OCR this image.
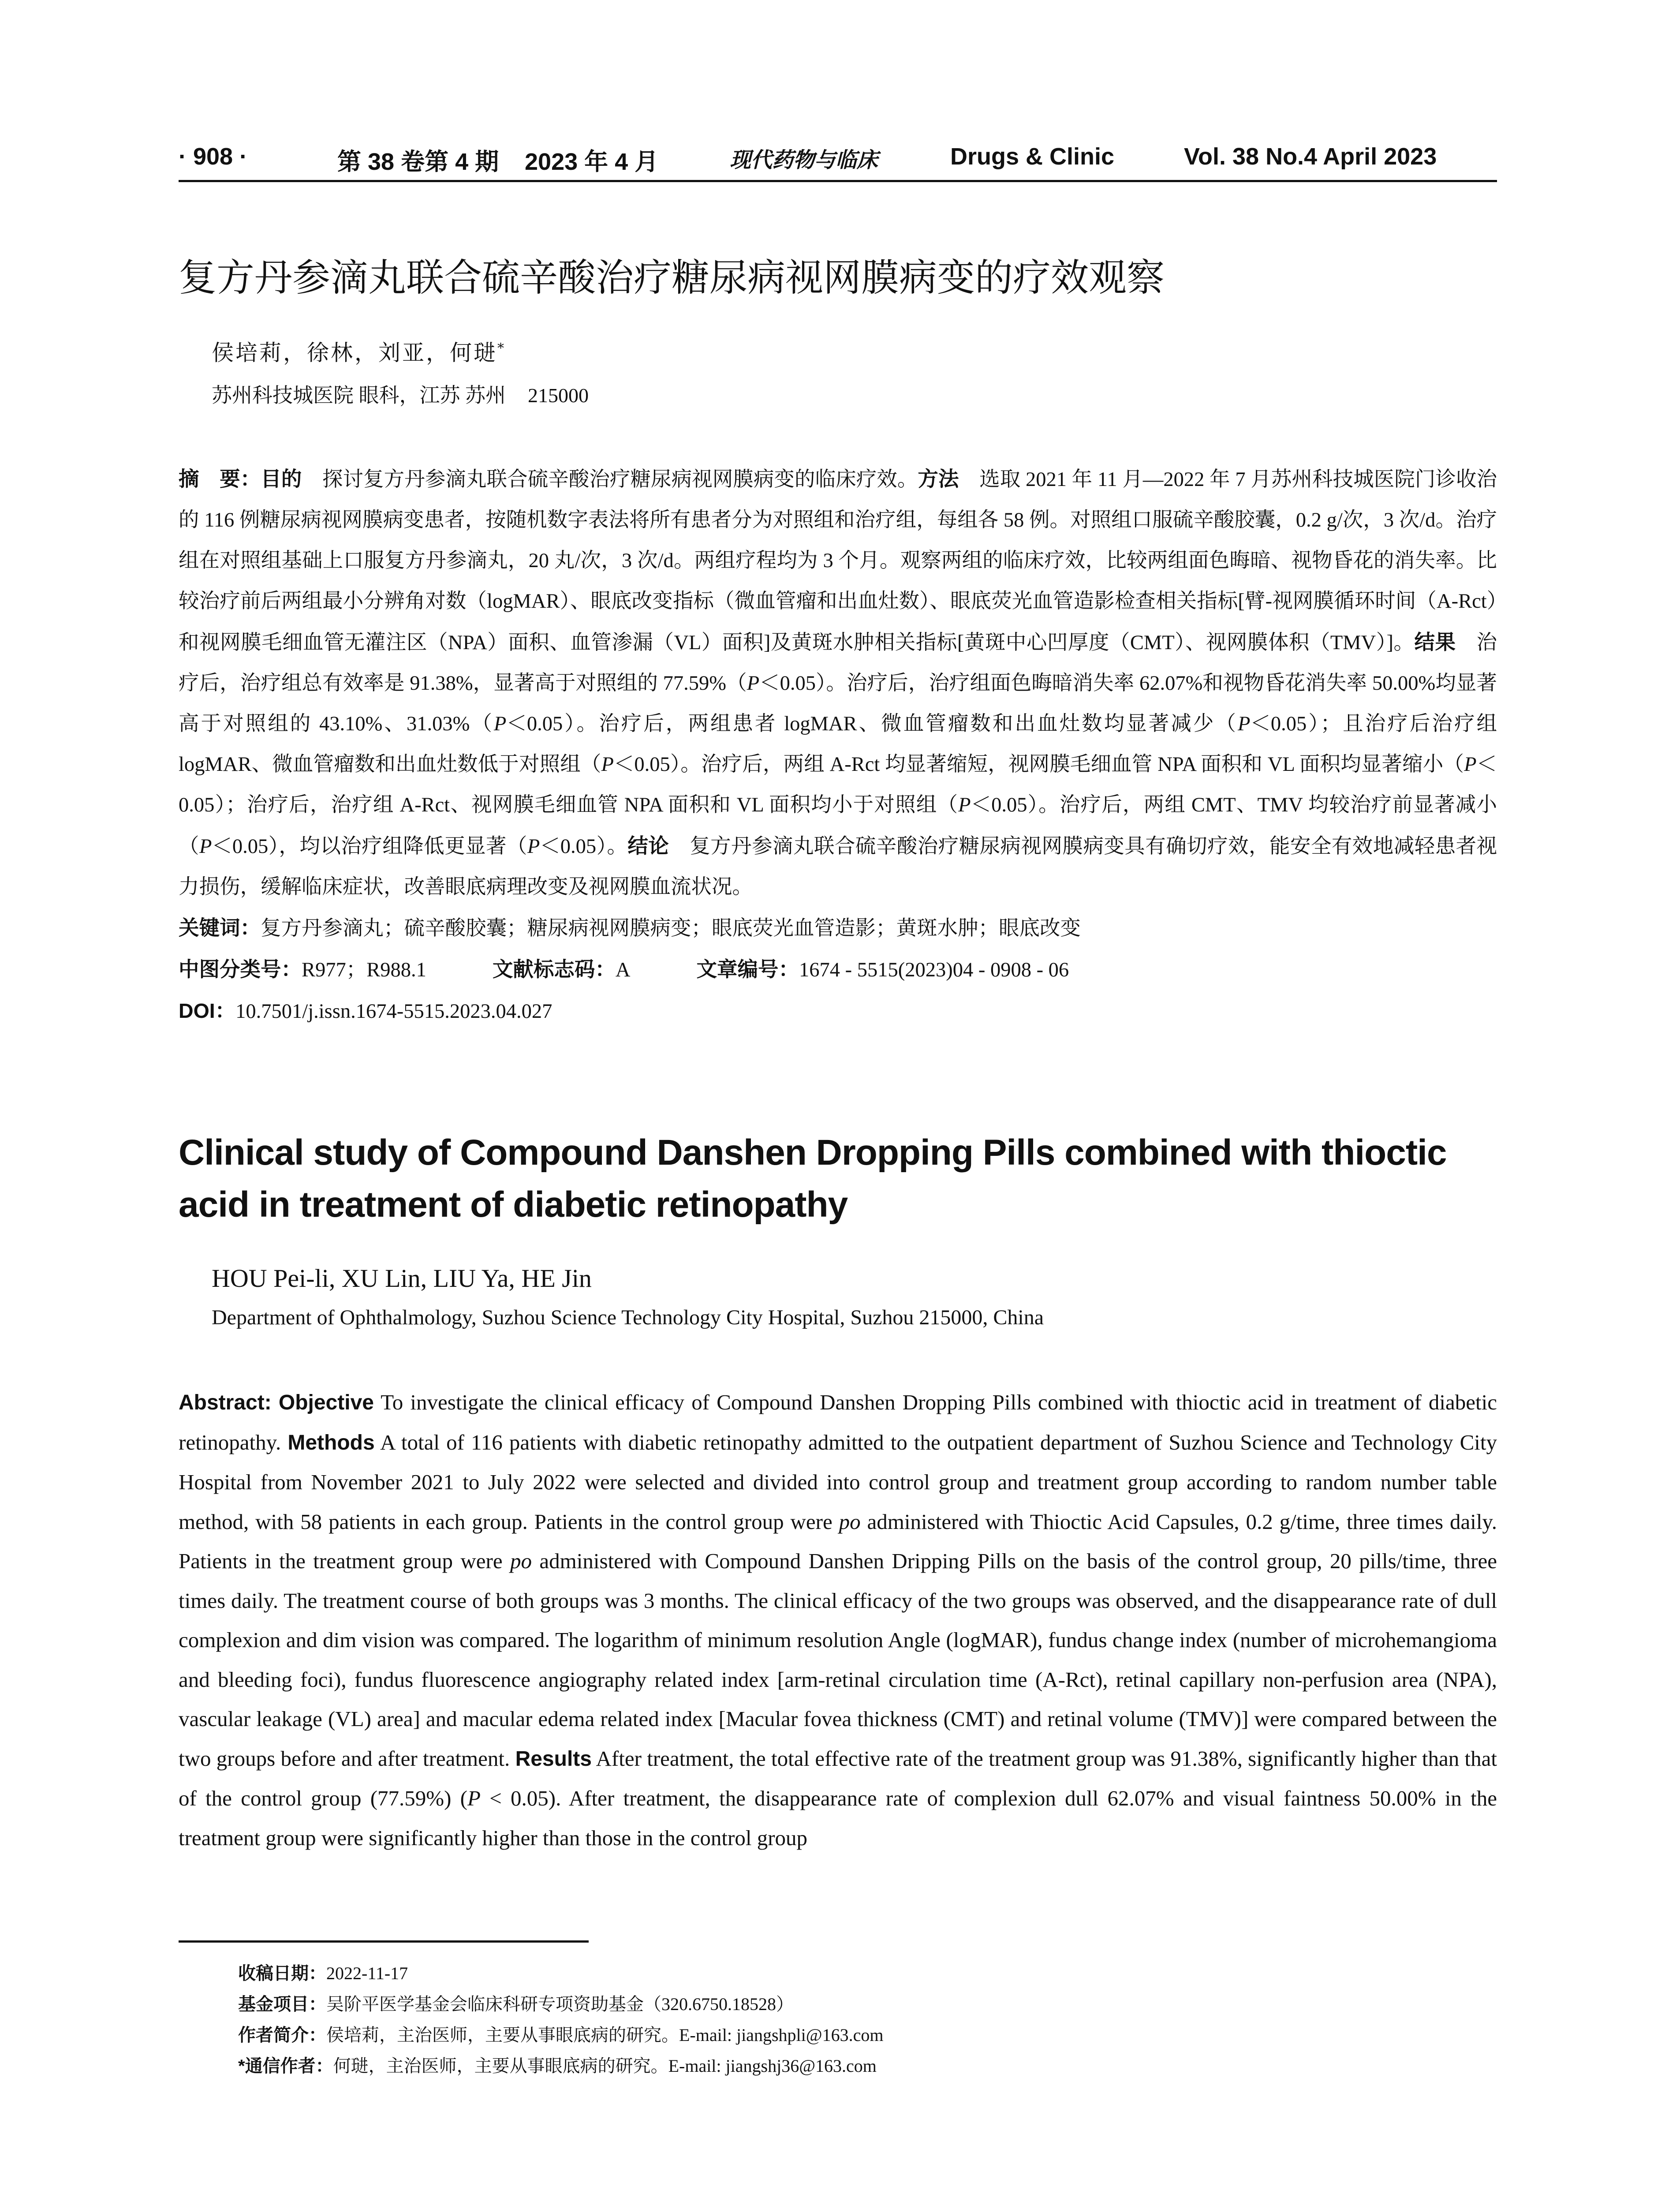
· 908 ·	第 38 卷第 4 期 2023 年 4 月	现代药物与临床	Drugs & Clinic	Vol. 38 No.4 April 2023
复方丹参滴丸联合硫辛酸治疗糖尿病视网膜病变的疗效观察
侯培莉，徐林，刘亚，何琎*
苏州科技城医院 眼科，江苏 苏州 215000

摘　要：目的　 探讨复方丹参滴丸联合硫辛酸治疗糖尿病视网膜病变的临床疗效。方法　 选取 2021 年 11 月—2022 年 7 月苏州科技城医院门诊收治的 116 例糖尿病视网膜病变患者，按随机数字表法将所有患者分为对照组和治疗组，每组各 58 例。对照组口服硫辛酸胶囊，0.2 g/次，3 次/d。治疗组在对照组基础上口服复方丹参滴丸，20 丸/次，3 次/d。两组疗程均为 3 个月。观察两组的临床疗效，比较两组面色晦暗、视物昏花的消失率。比较治疗前后两组最小分辨角对数（logMAR）、眼底改变指标（微血管瘤和出血灶数）、眼底荧光血管造影检查相关指标[臂-视网膜循环时间（A-Rct）和视网膜毛细血管无灌注区（NPA）面积、血管渗漏（VL）面积]及黄斑水肿相关指标[黄斑中心凹厚度（CMT）、视网膜体积（TMV）]。结果　 治疗后，治疗组总有效率是 91.38%，显著高于对照组的 77.59%（P＜0.05）。治疗后，治疗组面色晦暗消失率 62.07%和视物昏花消失率 50.00%均显著高于对照组的 43.10%、31.03%（P＜0.05）。治疗后，两组患者 logMAR、微血管瘤数和出血灶数均显著减少（P＜0.05）；且治疗后治疗组 logMAR、微血管瘤数和出血灶数低于对照组（P＜0.05）。治疗后，两组 A-Rct 均显著缩短，视网膜毛细血管 NPA 面积和 VL 面积均显著缩小（P＜0.05）；治疗后，治疗组 A-Rct、视网膜毛细血管 NPA 面积和 VL 面积均小于对照组（P＜0.05）。治疗后，两组 CMT、TMV 均较治疗前显著减小（P＜0.05），均以治疗组降低更显著（P＜0.05）。结论　 复方丹参滴丸联合硫辛酸治疗糖尿病视网膜病变具有确切疗效，能安全有效地减轻患者视力损伤，缓解临床症状，改善眼底病理改变及视网膜血流状况。

关键词：复方丹参滴丸；硫辛酸胶囊；糖尿病视网膜病变；眼底荧光血管造影；黄斑水肿；眼底改变

中图分类号：R977；R988.1	文献标志码：A	文章编号：1674 - 5515(2023)04 - 0908 - 06

DOI：10.7501/j.issn.1674-5515.2023.04.027

Clinical study of Compound Danshen Dropping Pills combined with thioctic
acid in treatment of diabetic retinopathy
HOU Pei-li, XU Lin, LIU Ya, HE Jin
Department of Ophthalmology, Suzhou Science Technology City Hospital, Suzhou 215000, China

Abstract: Objective To investigate the clinical efficacy of Compound Danshen Dropping Pills combined with thioctic acid in treatment of diabetic retinopathy. Methods A total of 116 patients with diabetic retinopathy admitted to the outpatient department of Suzhou Science and Technology City Hospital from November 2021 to July 2022 were selected and divided into control group and treatment group according to random number table method, with 58 patients in each group. Patients in the control group were po administered with Thioctic Acid Capsules, 0.2 g/time, three times daily. Patients in the treatment group were po administered with Compound Danshen Dripping Pills on the basis of the control group, 20 pills/time, three times daily. The treatment course of both groups was 3 months. The clinical efficacy of the two groups was observed, and the disappearance rate of dull complexion and dim vision was compared. The logarithm of minimum resolution Angle (logMAR), fundus change index (number of microhemangioma and bleeding foci), fundus fluorescence angiography related index [arm-retinal circulation time (A-Rct), retinal capillary non-perfusion area (NPA), vascular leakage (VL) area] and macular edema related index [Macular fovea thickness (CMT) and retinal volume (TMV)] were compared between the two groups before and after treatment. Results After treatment, the total effective rate of the treatment group was 91.38%, significantly higher than that of the control group (77.59%) (P < 0.05). After treatment, the disappearance rate of complexion dull 62.07% and visual faintness 50.00% in the treatment group were significantly higher than those in the control group

收稿日期：2022-11-17
基金项目：吴阶平医学基金会临床科研专项资助基金（320.6750.18528）
作者简介：侯培莉，主治医师，主要从事眼底病的研究。E-mail: jiangshpli@163.com
*通信作者：何琎，主治医师，主要从事眼底病的研究。E-mail: jiangshj36@163.com
